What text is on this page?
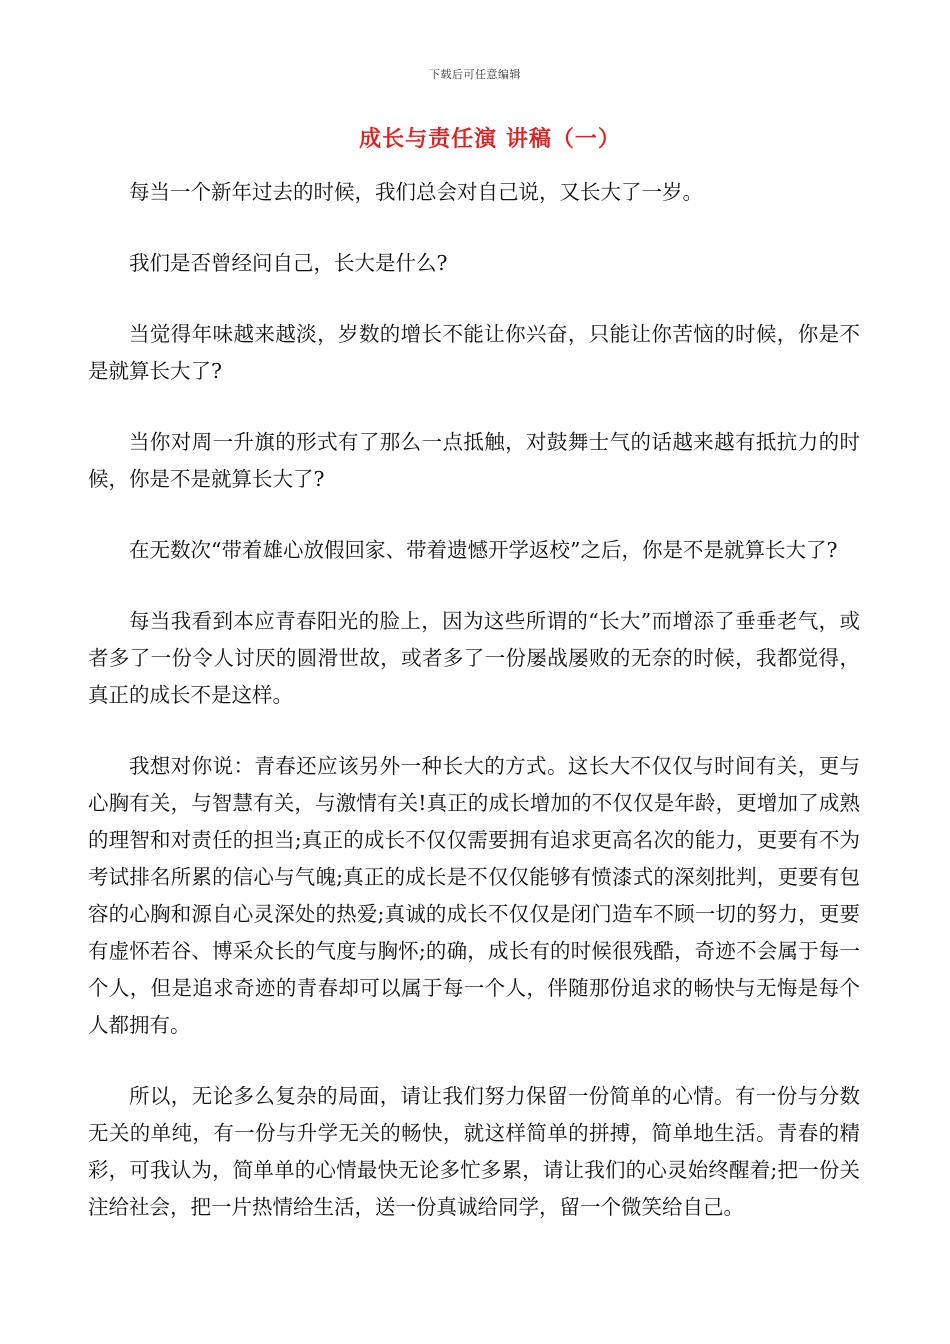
下载后可任意编辑
成长与责任演 讲稿（一）

每当一个新年过去的时候，我们总会对自己说，又长大了一岁。

我们是否曾经问自己，长大是什么?

当觉得年味越来越淡，岁数的增长不能让你兴奋，只能让你苦恼的时候，你是不是就算长大了?

当你对周一升旗的形式有了那么一点抵触，对鼓舞士气的话越来越有抵抗力的时候，你是不是就算长大了?

在无数次“带着雄心放假回家、带着遗憾开学返校”之后，你是不是就算长大了?

每当我看到本应青春阳光的脸上，因为这些所谓的“长大”而增添了垂垂老气，或者多了一份令人讨厌的圆滑世故，或者多了一份屡战屡败的无奈的时候，我都觉得，真正的成长不是这样。

我想对你说：青春还应该另外一种长大的方式。这长大不仅仅与时间有关，更与心胸有关，与智慧有关，与激情有关!真正的成长增加的不仅仅是年龄，更增加了成熟的理智和对责任的担当;真正的成长不仅仅需要拥有追求更高名次的能力，更要有不为考试排名所累的信心与气魄;真正的成长是不仅仅能够有愤漆式的深刻批判，更要有包容的心胸和源自心灵深处的热爱;真诚的成长不仅仅是闭门造车不顾一切的努力，更要有虚怀若谷、博采众长的气度与胸怀;的确，成长有的时候很残酷，奇迹不会属于每一个人，但是追求奇迹的青春却可以属于每一个人，伴随那份追求的畅快与无悔是每个人都拥有。

所以，无论多么复杂的局面，请让我们努力保留一份简单的心情。有一份与分数无关的单纯，有一份与升学无关的畅快，就这样简单的拼搏，简单地生活。青春的精彩，可我认为，简单单的心情最快无论多忙多累，请让我们的心灵始终醒着;把一份关注给社会，把一片热情给生活，送一份真诚给同学，留一个微笑给自己。
